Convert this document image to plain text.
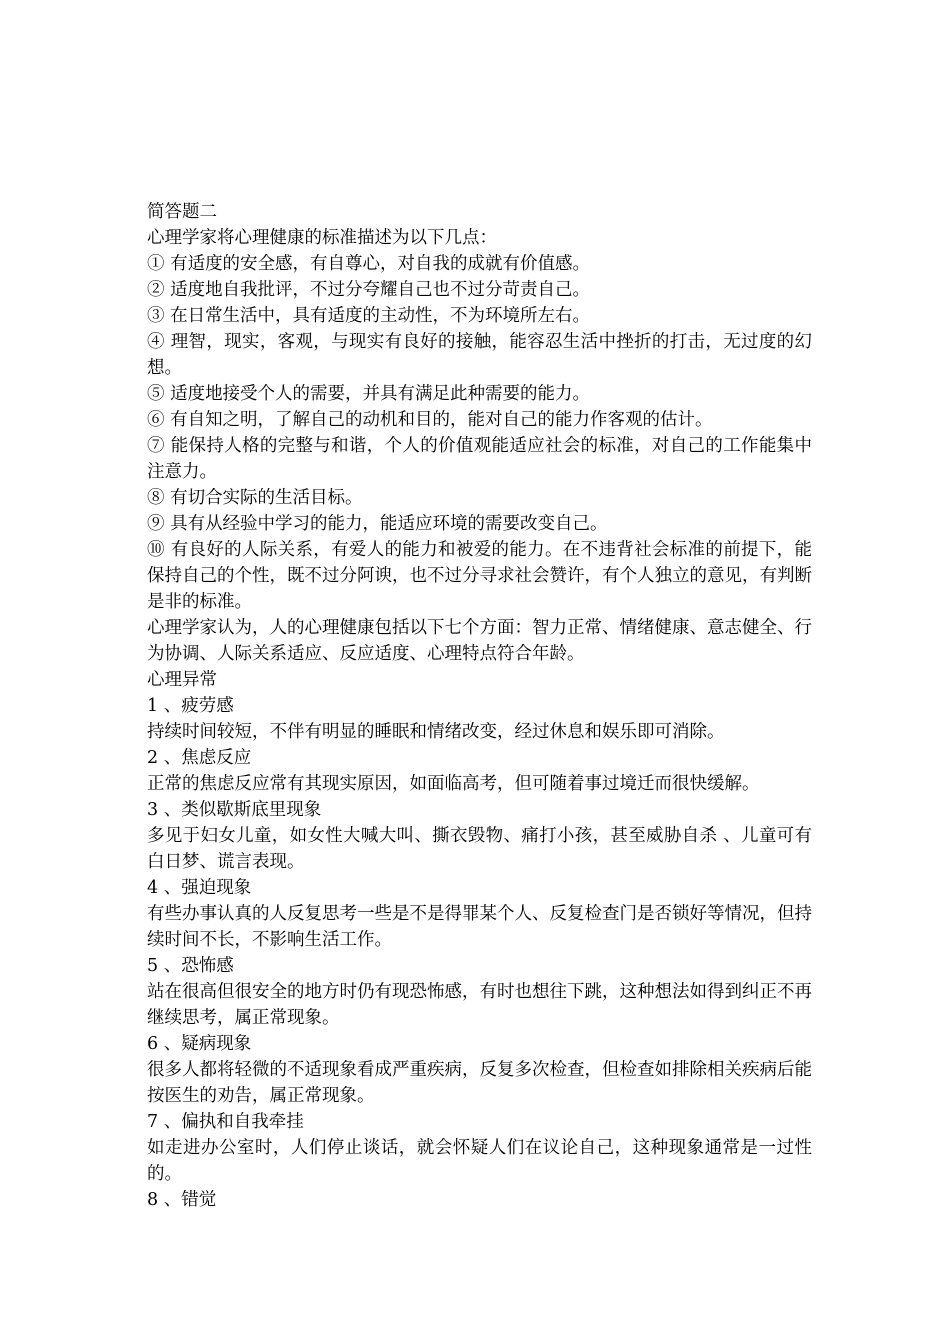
简答题二

心理学家将心理健康的标准描述为以下几点：

① 有适度的安全感，有自尊心，对自我的成就有价值感。

② 适度地自我批评，不过分夸耀自己也不过分苛责自己。

③ 在日常生活中，具有适度的主动性，不为环境所左右。

④ 理智，现实，客观，与现实有良好的接触，能容忍生活中挫折的打击，无过度的幻想。

⑤ 适度地接受个人的需要，并具有满足此种需要的能力。

⑥ 有自知之明，了解自己的动机和目的，能对自己的能力作客观的估计。

⑦ 能保持人格的完整与和谐，个人的价值观能适应社会的标准，对自己的工作能集中注意力。

⑧ 有切合实际的生活目标。

⑨ 具有从经验中学习的能力，能适应环境的需要改变自己。

⑩ 有良好的人际关系，有爱人的能力和被爱的能力。在不违背社会标准的前提下，能保持自己的个性，既不过分阿谀，也不过分寻求社会赞许，有个人独立的意见，有判断是非的标准。

心理学家认为，人的心理健康包括以下七个方面：智力正常、情绪健康、意志健全、行为协调、人际关系适应、反应适度、心理特点符合年龄。

心理异常

1 、疲劳感

持续时间较短，不伴有明显的睡眠和情绪改变，经过休息和娱乐即可消除。

2 、焦虑反应

正常的焦虑反应常有其现实原因，如面临高考，但可随着事过境迁而很快缓解。

3 、类似歇斯底里现象

多见于妇女儿童，如女性大喊大叫、撕衣毁物、痛打小孩，甚至威胁自杀 、儿童可有白日梦、谎言表现。

4 、强迫现象

有些办事认真的人反复思考一些是不是得罪某个人、反复检查门是否锁好等情况，但持续时间不长，不影响生活工作。

5 、恐怖感

站在很高但很安全的地方时仍有现恐怖感，有时也想往下跳，这种想法如得到纠正不再继续思考，属正常现象。

6 、疑病现象

很多人都将轻微的不适现象看成严重疾病，反复多次检查，但检查如排除相关疾病后能按医生的劝告，属正常现象。

7 、偏执和自我牵挂

如走进办公室时，人们停止谈话，就会怀疑人们在议论自己，这种现象通常是一过性的。

8 、错觉
